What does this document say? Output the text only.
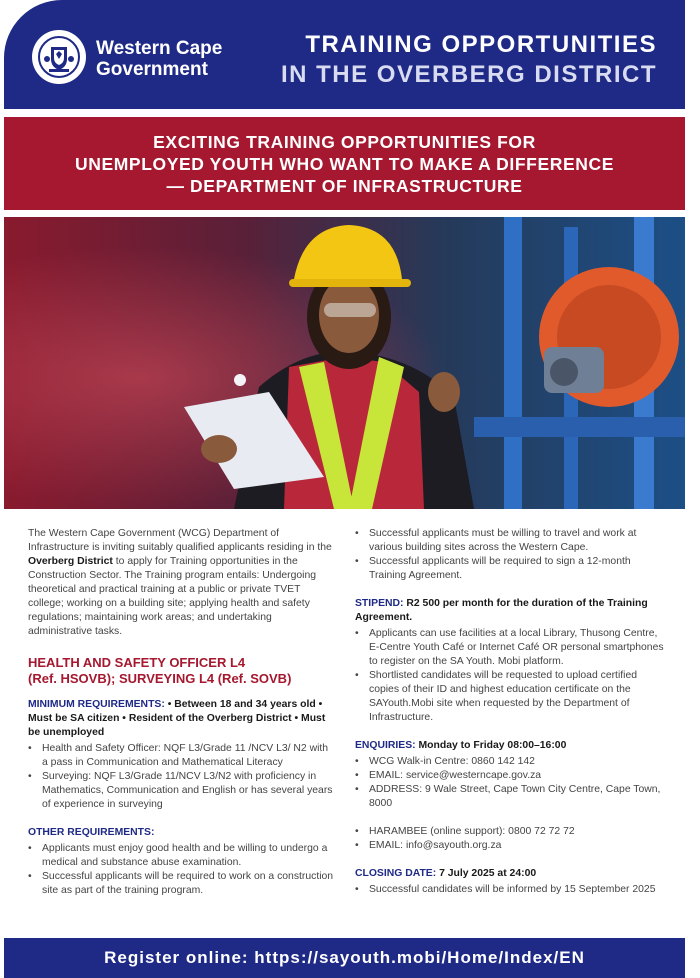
Western Cape
Government
TRAINING OPPORTUNITIES
IN THE OVERBERG DISTRICT
EXCITING TRAINING OPPORTUNITIES FOR
UNEMPLOYED YOUTH WHO WANT TO MAKE A DIFFERENCE
— DEPARTMENT OF INFRASTRUCTURE

The Western Cape Government (WCG) Department of Infrastructure is inviting suitably qualified applicants residing in the Overberg District to apply for Training opportunities in the Construction Sector. The Training program entails: Undergoing theoretical and practical training at a public or private TVET college; working on a building site; applying health and safety regulations; maintaining work areas; and undertaking administrative tasks.

HEALTH AND SAFETY OFFICER L4
(Ref. HSOVB); SURVEYING L4 (Ref. SOVB)

MINIMUM REQUIREMENTS: • Between 18 and 34 years old • Must be SA citizen • Resident of the Overberg District • Must be unemployed

• Health and Safety Officer: NQF L3/Grade 11 /NCV L3/ N2 with a pass in Communication and Mathematical Literacy
• Surveying: NQF L3/Grade 11/NCV L3/N2 with proficiency in Mathematics, Communication and English or has several years of experience in surveying

OTHER REQUIREMENTS:

• Applicants must enjoy good health and be willing to undergo a medical and substance abuse examination.
• Successful applicants will be required to work on a construction site as part of the training program.
• Successful applicants must be willing to travel and work at various building sites across the Western Cape.
• Successful applicants will be required to sign a 12-month Training Agreement.

STIPEND: R2 500 per month for the duration of the Training Agreement.

• Applicants can use facilities at a local Library, Thusong Centre, E-Centre Youth Café or Internet Café OR personal smartphones to register on the SA Youth. Mobi platform.
• Shortlisted candidates will be requested to upload certified copies of their ID and highest education certificate on the SAYouth.Mobi site when requested by the Department of Infrastructure.

ENQUIRIES: Monday to Friday 08:00–16:00

• WCG Walk-in Centre: 0860 142 142
• EMAIL: service@westerncape.gov.za
• ADDRESS: 9 Wale Street, Cape Town City Centre, Cape Town, 8000
• HARAMBEE (online support): 0800 72 72 72
• EMAIL: info@sayouth.org.za

CLOSING DATE: 7 July 2025 at 24:00

• Successful candidates will be informed by 15 September 2025
Register online: https://sayouth.mobi/Home/Index/EN
